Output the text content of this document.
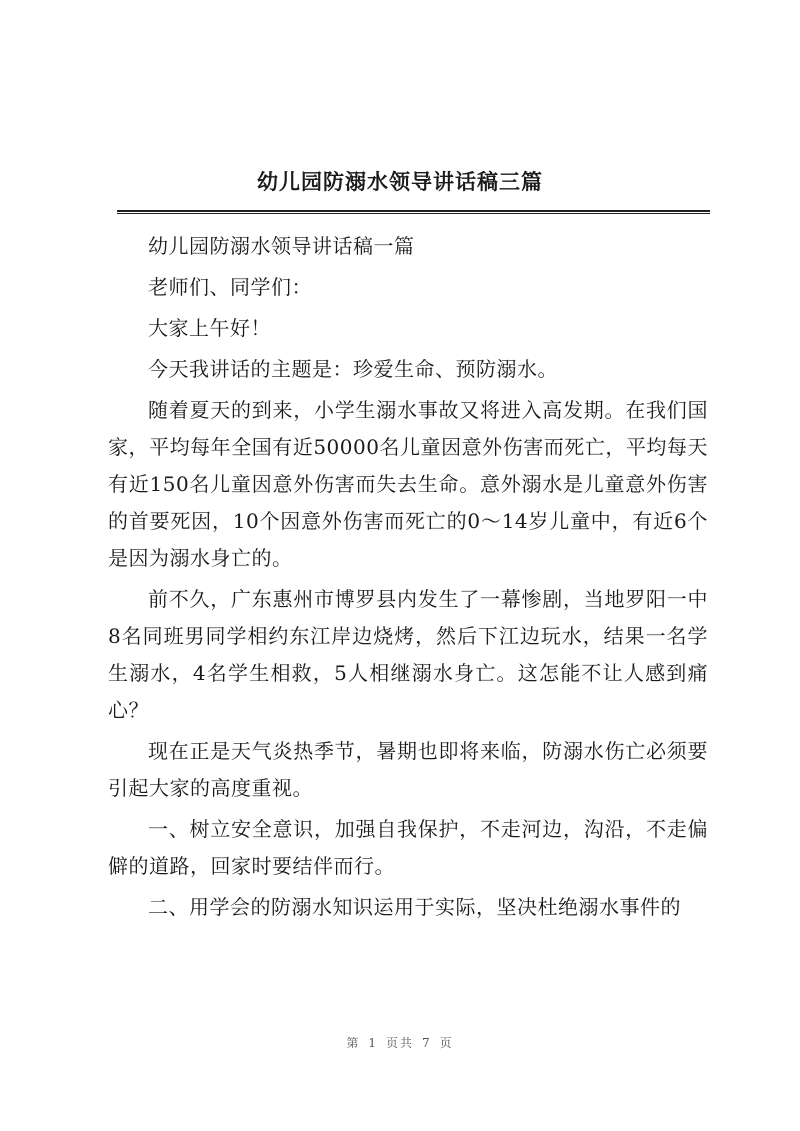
幼儿园防溺水领导讲话稿三篇

幼儿园防溺水领导讲话稿一篇

老师们、同学们：

大家上午好！

今天我讲话的主题是：珍爱生命、预防溺水。

随着夏天的到来，小学生溺水事故又将进入高发期。在我们国家，平均每年全国有近50000名儿童因意外伤害而死亡，平均每天有近150名儿童因意外伤害而失去生命。意外溺水是儿童意外伤害的首要死因，10个因意外伤害而死亡的0～14岁儿童中，有近6个是因为溺水身亡的。

前不久，广东惠州市博罗县内发生了一幕惨剧，当地罗阳一中8名同班男同学相约东江岸边烧烤，然后下江边玩水，结果一名学生溺水，4名学生相救，5人相继溺水身亡。这怎能不让人感到痛心？

现在正是天气炎热季节，暑期也即将来临，防溺水伤亡必须要引起大家的高度重视。

一、树立安全意识，加强自我保护，不走河边，沟沿，不走偏僻的道路，回家时要结伴而行。

二、用学会的防溺水知识运用于实际，坚决杜绝溺水事件的

第 1 页共 7 页
